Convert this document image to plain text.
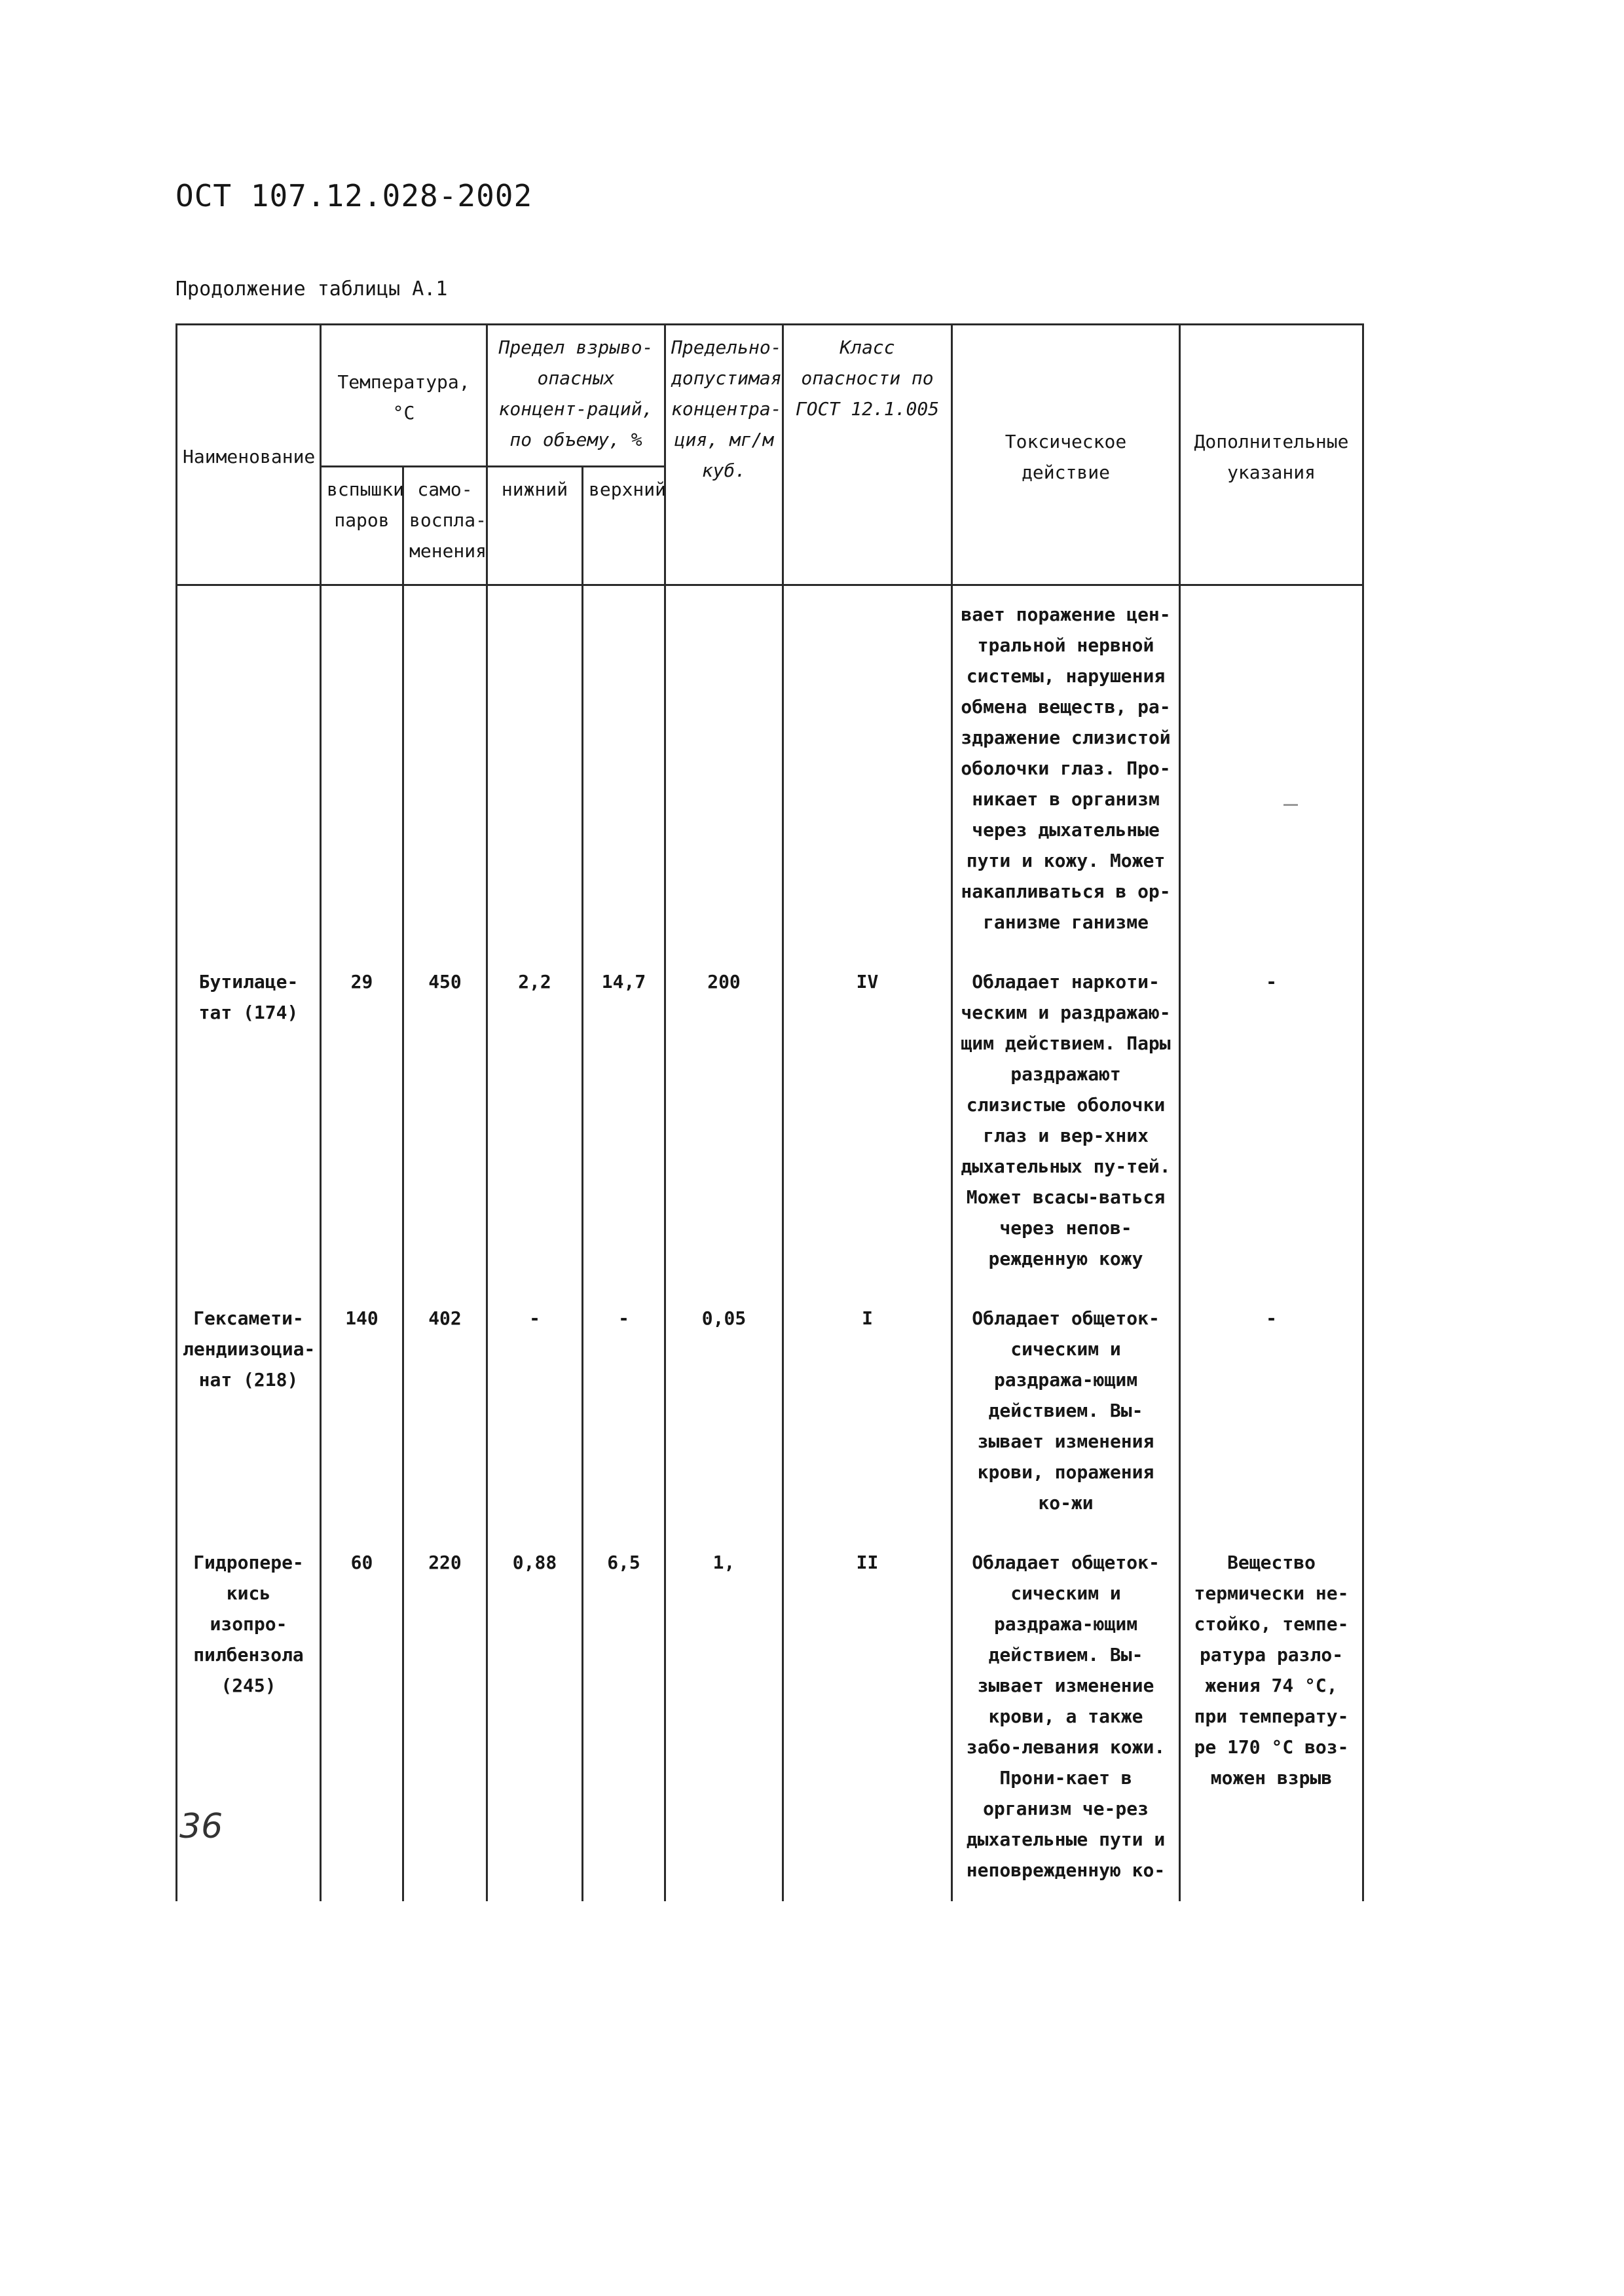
ОСТ 107.12.028-2002
Продолжение таблицы А.1
Наименование	Температура, °С		Предел взрыво-опасных концент-раций, по объему, %		Предельно-допустимая концентра-ция, мг/м куб.	Класс опасности по ГОСТ 12.1.005	Токсическое действие	Дополнительные указания
	вспышки паров	само-воспла-менения	нижний	верхний				
							вает поражение цен-тральной нервной системы, нарушения обмена веществ, ра-здражение слизистой оболочки глаз. Про-никает в организм через дыхательные пути и кожу. Может накапливаться в ор-ганизме ганизме	
Бутилаце-тат (174)	29	450	2,2	14,7	200	IV	Обладает наркоти-ческим и раздражаю-щим действием. Пары раздражают слизистые оболочки глаз и вер-хних дыхательных пу-тей. Может всасы-ваться через непов-режденную кожу	-
Гексамети-лендиизоциа-нат (218)	140	402	-	-	0,05	I	Обладает общеток-сическим и раздража-ющим действием. Вы-зывает изменения крови, поражения ко-жи	-
Гидропере-кись изопро-пилбензола (245)	60	220	0,88	6,5	1,	II	Обладает общеток-сическим и раздража-ющим действием. Вы-зывает изменение крови, а также забо-левания кожи. Прони-кает в организм че-рез дыхательные пути и неповрежденную ко-	Вещество термически не-стойко, темпе-ратура разло-жения 74 °С, при температу-ре 170 °С воз-можен взрыв
36
